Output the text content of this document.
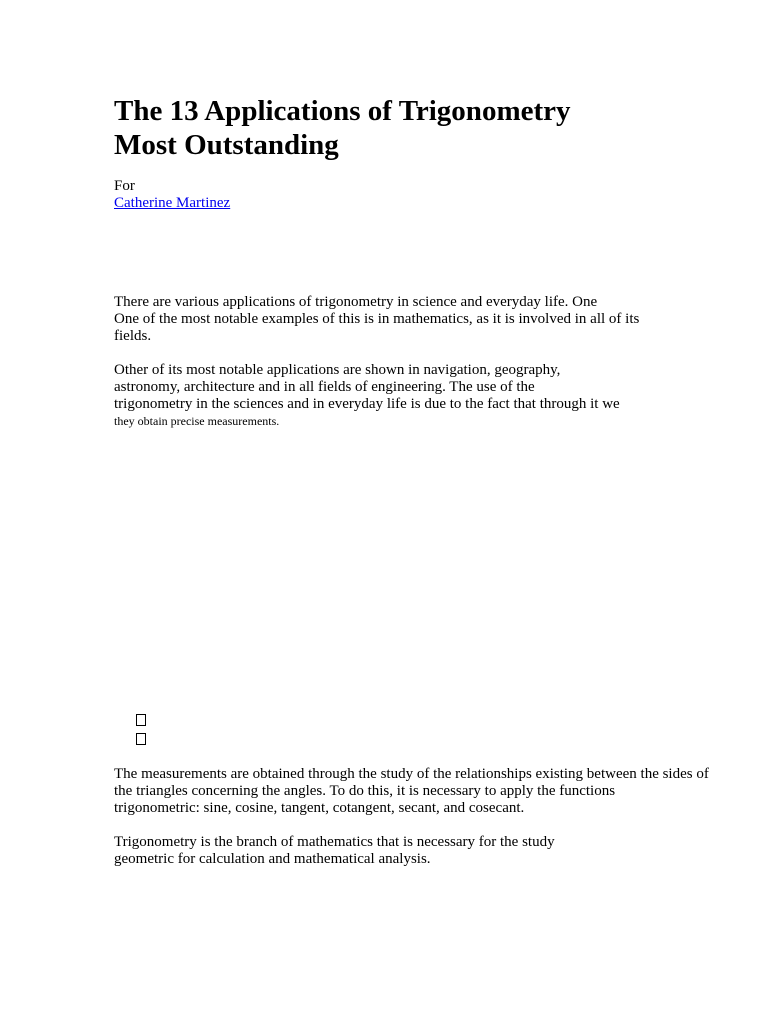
The 13 Applications of Trigonometry
Most Outstanding
For
Catherine Martinez

There are various applications of trigonometry in science and everyday life. One
One of the most notable examples of this is in mathematics, as it is involved in all of its
fields.

Other of its most notable applications are shown in navigation, geography,
astronomy, architecture and in all fields of engineering. The use of the
trigonometry in the sciences and in everyday life is due to the fact that through it we
they obtain precise measurements.

The measurements are obtained through the study of the relationships existing between the sides of
the triangles concerning the angles. To do this, it is necessary to apply the functions
trigonometric: sine, cosine, tangent, cotangent, secant, and cosecant.

Trigonometry is the branch of mathematics that is necessary for the study
geometric for calculation and mathematical analysis.
